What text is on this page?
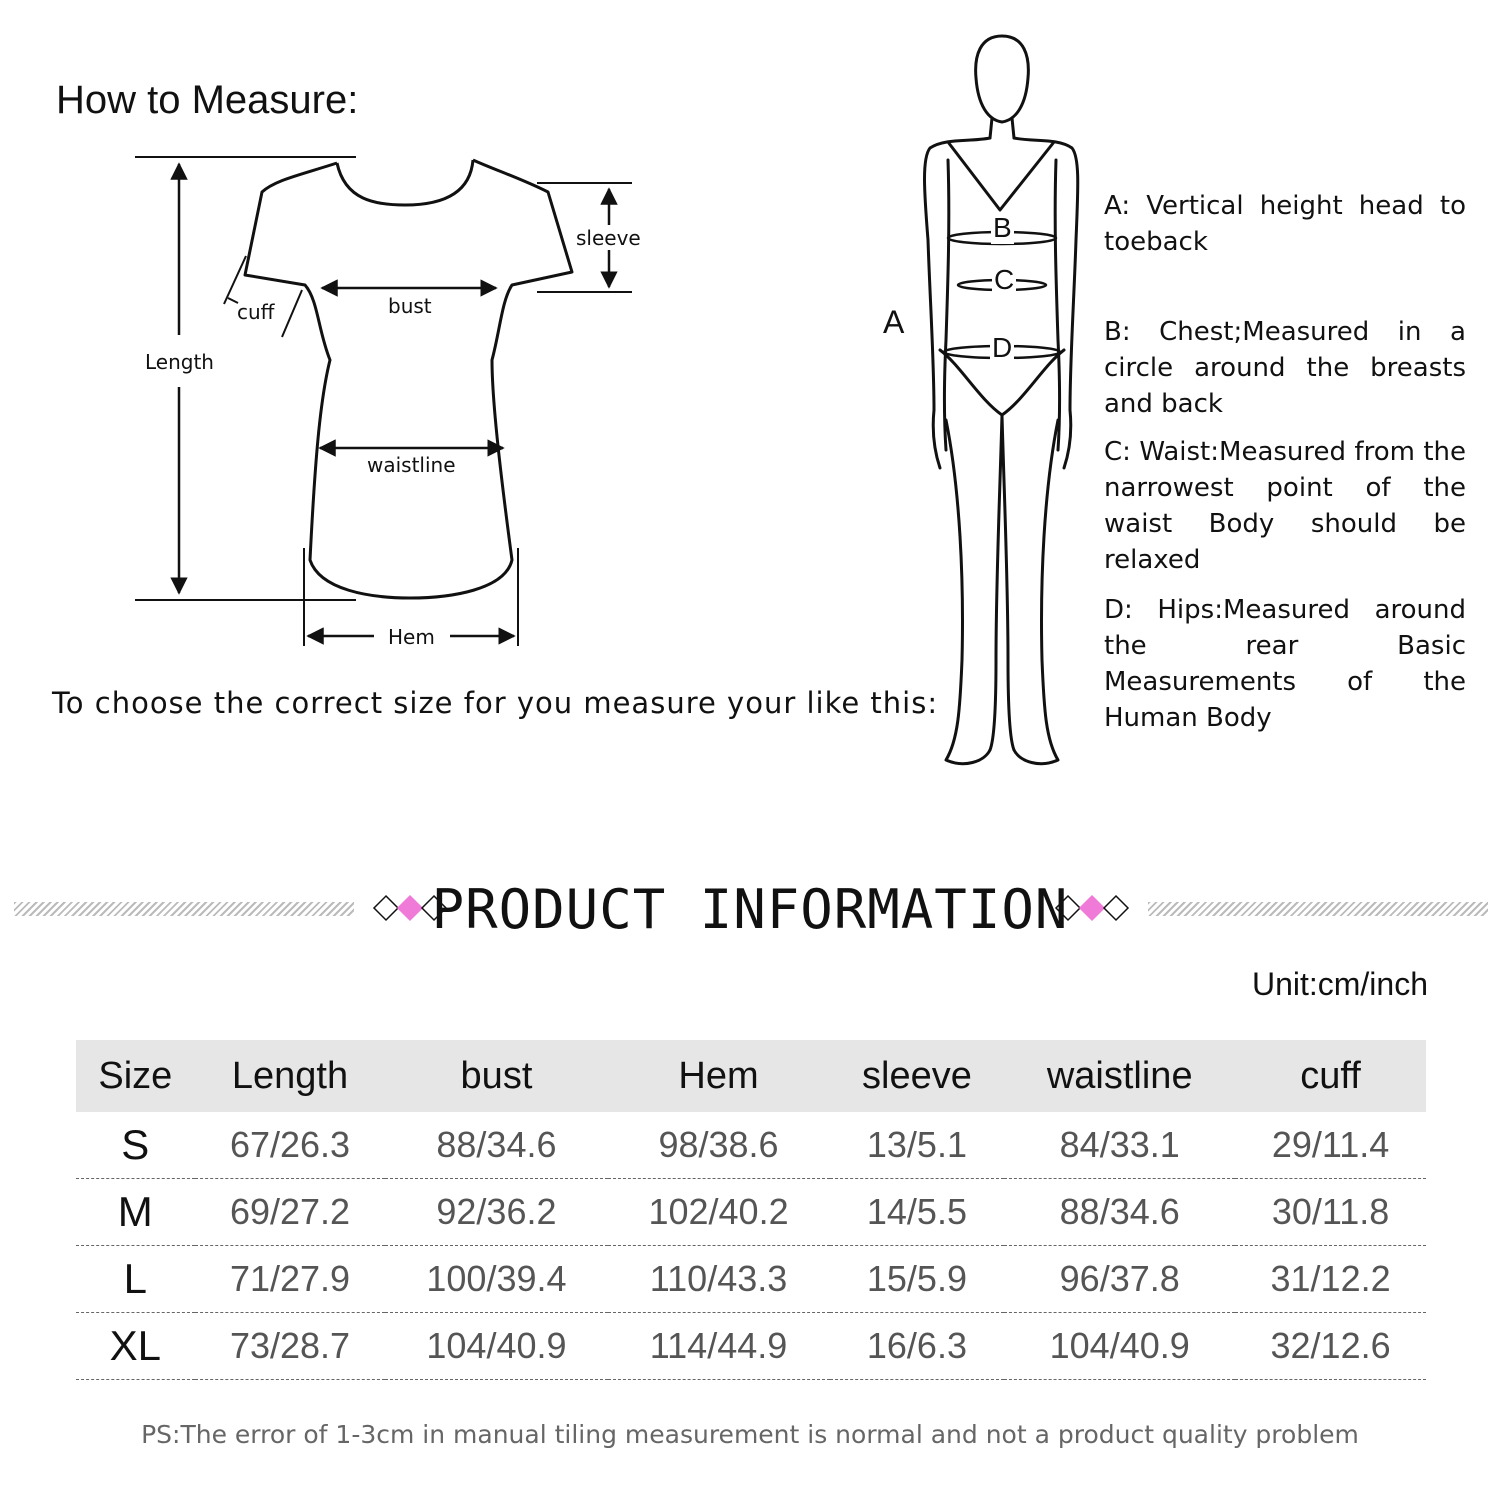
How to Measure:
sleeve
cuff	bust
Length
waistline
Hem
To choose the correct size for you measure your like this:
A
B
C
D
A: Vertical height head to toeback
B: Chest;Measured in a circle around the breasts and back
C: Waist:Measured from the narrowest point of the waist Body should be relaxed
D: Hips:Measured around the rear Basic Measurements of the Human Body
PRODUCT INFORMATION
Unit:cm/inch
Size	Length	bust	Hem	sleeve	waistline	cuff
S	67/26.3	88/34.6	98/38.6	13/5.1	84/33.1	29/11.4
M	69/27.2	92/36.2	102/40.2	14/5.5	88/34.6	30/11.8
L	71/27.9	100/39.4	110/43.3	15/5.9	96/37.8	31/12.2
XL	73/28.7	104/40.9	114/44.9	16/6.3	104/40.9	32/12.6
PS:The error of 1-3cm in manual tiling measurement is normal and not a product quality problem
